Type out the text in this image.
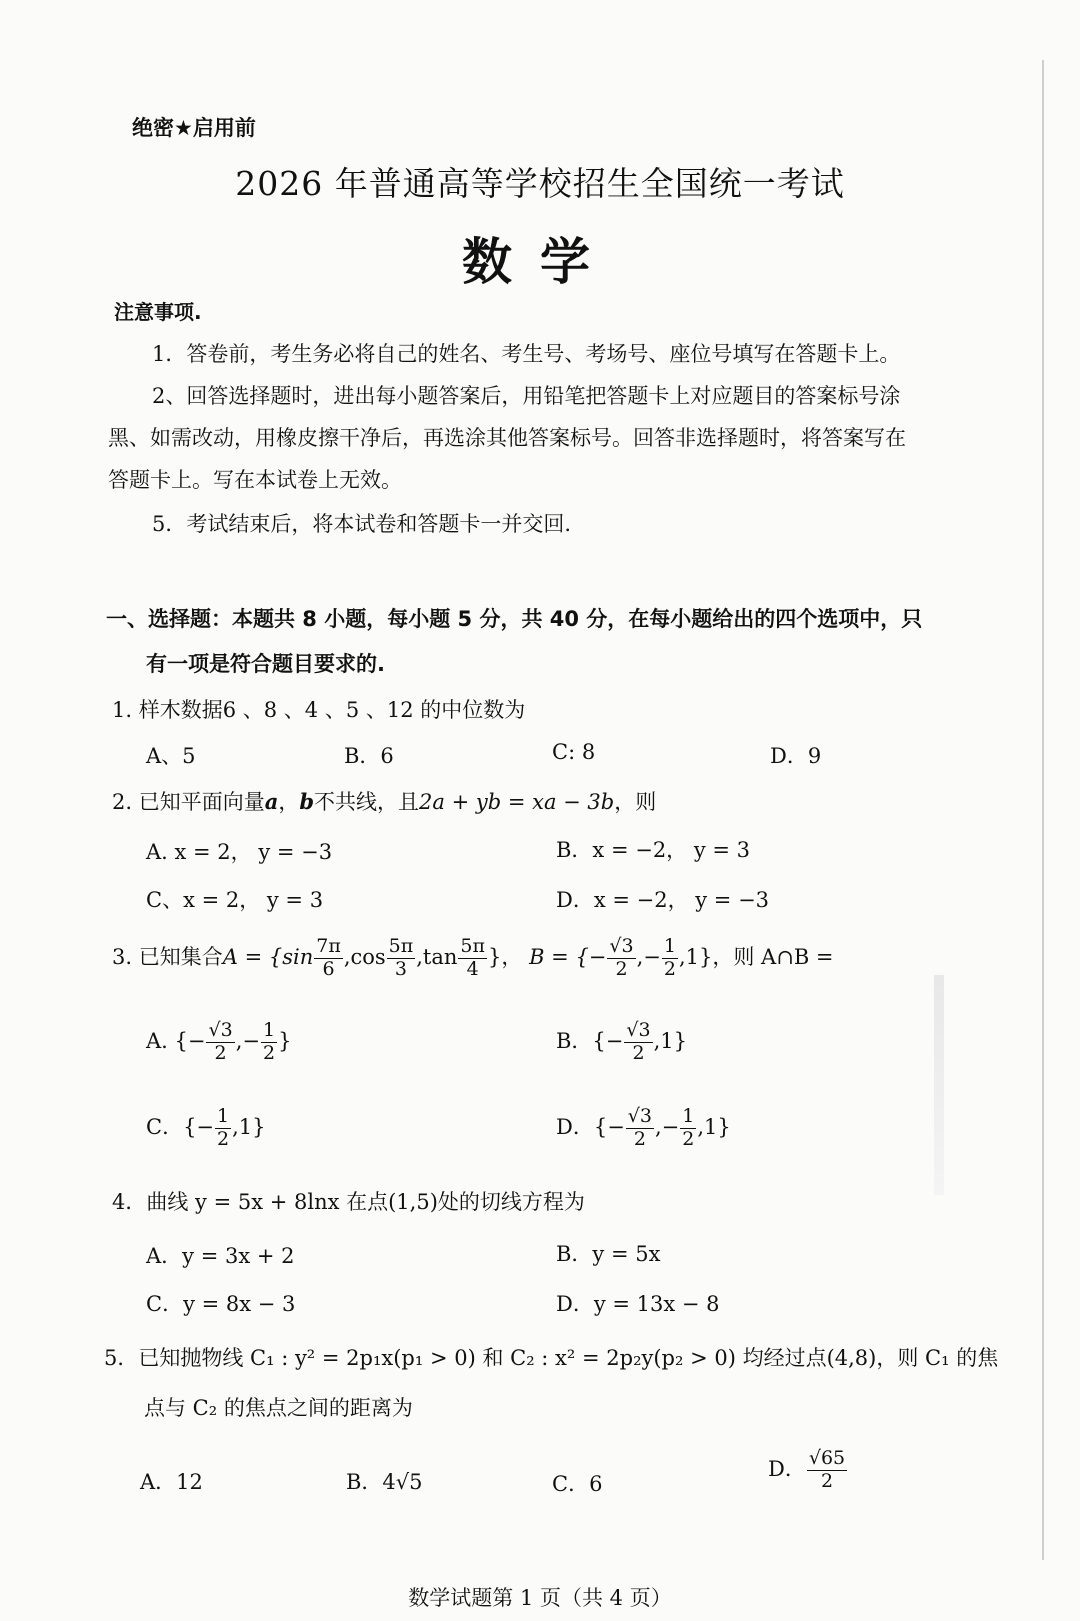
绝密★启用前
2026 年普通高等学校招生全国统一考试
数学
注意事项.
1．答卷前，考生务必将自己的姓名、考生号、考场号、座位号填写在答题卡上。
2、回答选择题时，进出每小题答案后，用铅笔把答题卡上对应题目的答案标号涂
黑、如需改动，用橡皮擦干净后，再选涂其他答案标号。回答非选择题时，将答案写在
答题卡上。写在本试卷上无效。
5．考试结束后，将本试卷和答题卡一并交回.
一、选择题：本题共 8 小题，每小题 5 分，共 40 分，在每小题给出的四个选项中，只
有一项是符合题目要求的.
1. 样木数据6 、8 、4 、5 、12 的中位数为
A、5	B．6	C: 8	D．9
2. 已知平面向量a，b不共线，且2a + yb = xa − 3b，则
A. x = 2， y = −3	B．x = −2， y = 3
C、x = 2， y = 3	D．x = −2， y = −3
3. 已知集合$A = \{\sin \frac{7\pi}{6} ,\cos \frac{5\pi}{3} ,\tan \frac{5\pi}{4}$ }， B = {− $\frac{√3}{2}$ ,− $\frac{1}{2} ,1$}，则 A∩B =
A. {− $\frac{√3}{2}$ ,− $\frac{1}{2}$ }	B．{− $\frac{√3}{2} ,1$}
C．{− $\frac{1}{2} ,1$}	D．{− $\frac{√3}{2}$ ,− $\frac{1}{2} ,1$}
4．曲线 y = 5x + 8lnx 在点(1,5)处的切线方程为
A．y = 3x + 2	B．y = 5x
C．y = 8x − 3	D．y = 13x − 8
5．已知抛物线 C₁ : y² = 2p₁x(p₁ > 0) 和 C₂ : x² = 2p₂y(p₂ > 0) 均经过点(4,8)，则 C₁ 的焦
点与 C₂ 的焦点之间的距离为
A．12	B．4√5	C．6
D． $\frac{√65}{2}$
数学试题第 1 页（共 4 页）
